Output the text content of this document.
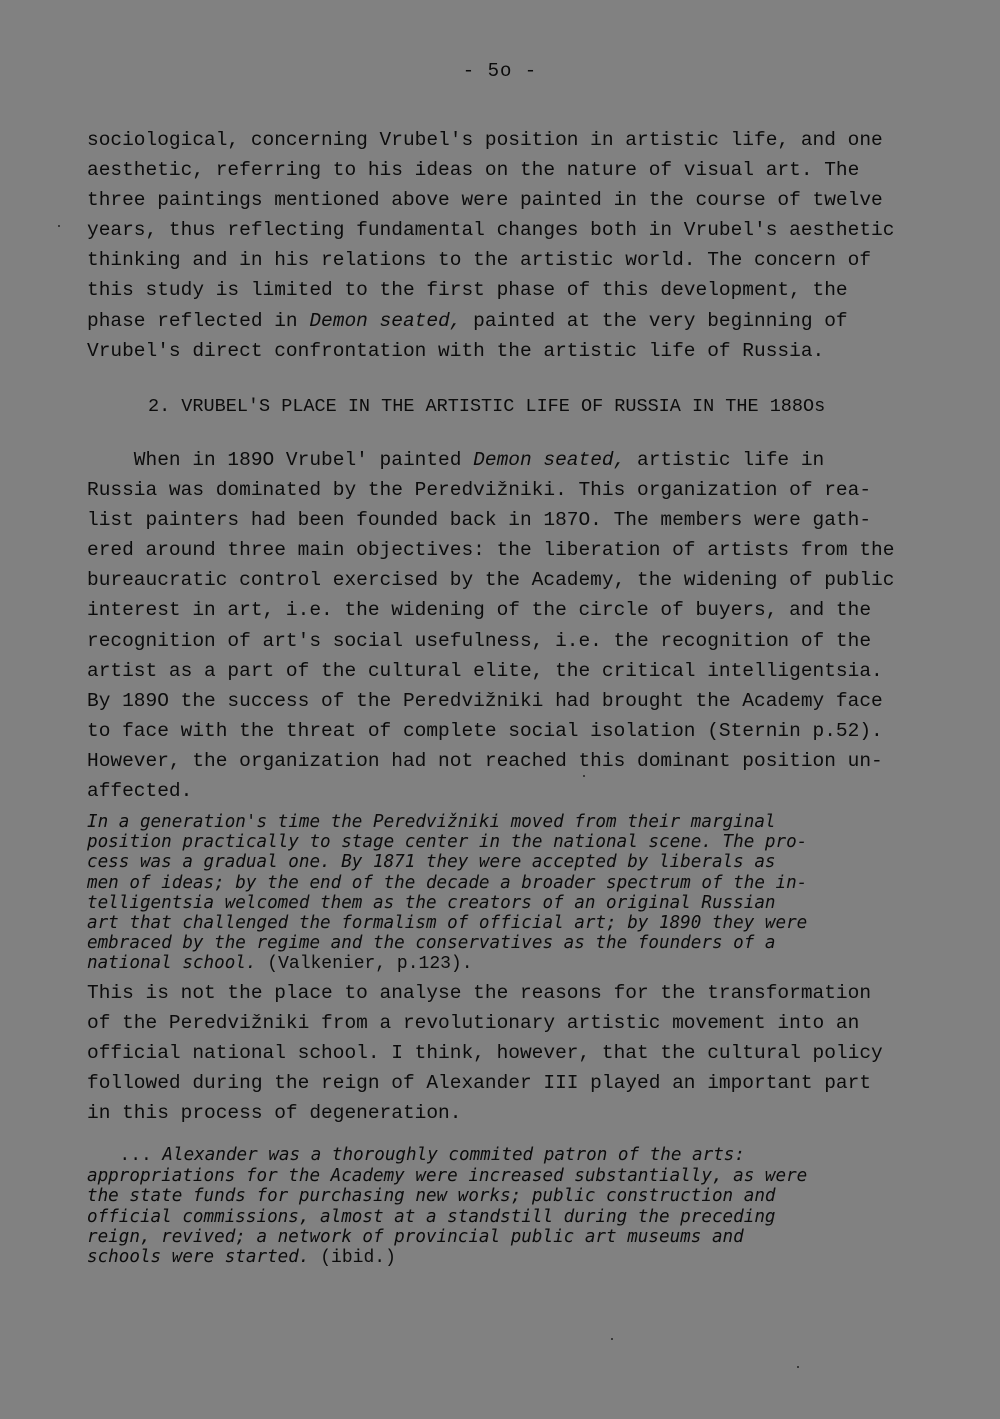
- 5o -
sociological, concerning Vrubel's position in artistic life, and one
aesthetic, referring to his ideas on the nature of visual art. The
three paintings mentioned above were painted in the course of twelve
years, thus reflecting fundamental changes both in Vrubel's aesthetic
thinking and in his relations to the artistic world. The concern of
this study is limited to the first phase of this development, the
phase reflected in Demon seated, painted at the very beginning of
Vrubel's direct confrontation with the artistic life of Russia.
2. VRUBEL'S PLACE IN THE ARTISTIC LIFE OF RUSSIA IN THE 188Os
When in 189O Vrubel' painted Demon seated, artistic life in
Russia was dominated by the Peredvižniki. This organization of rea-
list painters had been founded back in 187O. The members were gath-
ered around three main objectives: the liberation of artists from the
bureaucratic control exercised by the Academy, the widening of public
interest in art, i.e. the widening of the circle of buyers, and the
recognition of art's social usefulness, i.e. the recognition of the
artist as a part of the cultural elite, the critical intelligentsia.
By 189O the success of the Peredvižniki had brought the Academy face
to face with the threat of complete social isolation (Sternin p.52).
However, the organization had not reached this dominant position un-
affected.
In a generation's time the Peredvižniki moved from their marginal
position practically to stage center in the national scene. The pro-
cess was a gradual one. By 1871 they were accepted by liberals as
men of ideas; by the end of the decade a broader spectrum of the in-
telligentsia welcomed them as the creators of an original Russian
art that challenged the formalism of official art; by 1890 they were
embraced by the regime and the conservatives as the founders of a
national school. (Valkenier, p.123).
This is not the place to analyse the reasons for the transformation
of the Peredvižniki from a revolutionary artistic movement into an
official national school. I think, however, that the cultural policy
followed during the reign of Alexander III played an important part
in this process of degeneration.
... Alexander was a thoroughly commited patron of the arts:
appropriations for the Academy were increased substantially, as were
the state funds for purchasing new works; public construction and
official commissions, almost at a standstill during the preceding
reign, revived; a network of provincial public art museums and
schools were started. (ibid.)
